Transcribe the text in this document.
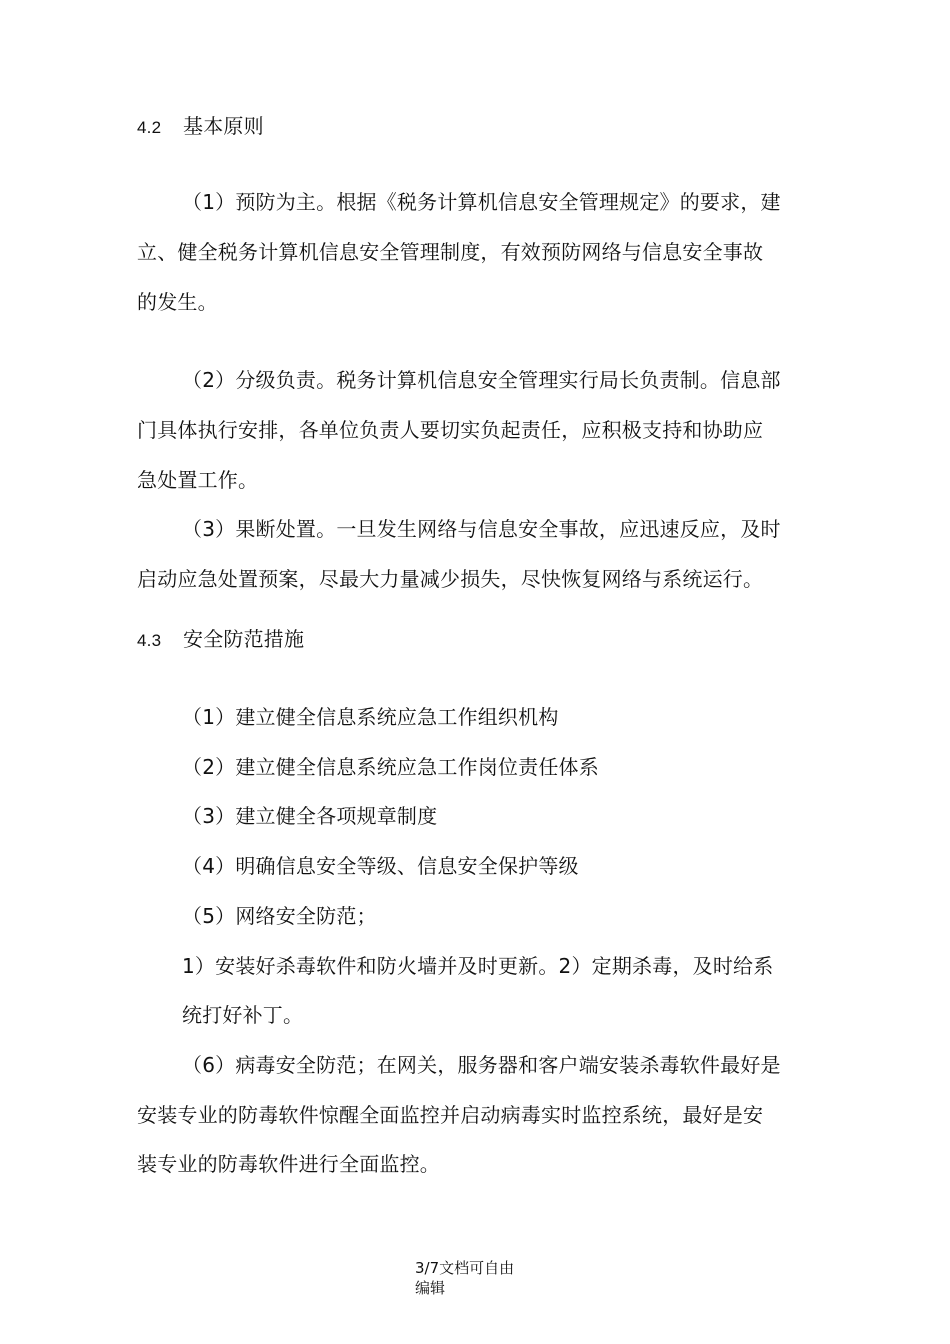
4.2 基本原则
（1）预防为主。根据《税务计算机信息安全管理规定》的要求，建
立、健全税务计算机信息安全管理制度，有效预防网络与信息安全事故
的发生。
（2）分级负责。税务计算机信息安全管理实行局长负责制。信息部
门具体执行安排，各单位负责人要切实负起责任，应积极支持和协助应
急处置工作。
（3）果断处置。一旦发生网络与信息安全事故，应迅速反应，及时
启动应急处置预案，尽最大力量减少损失，尽快恢复网络与系统运行。
4.3 安全防范措施
（1）建立健全信息系统应急工作组织机构
（2）建立健全信息系统应急工作岗位责任体系
（3）建立健全各项规章制度
（4）明确信息安全等级、信息安全保护等级
（5）网络安全防范；
1）安装好杀毒软件和防火墙并及时更新。2）定期杀毒，及时给系
统打好补丁。
（6）病毒安全防范；在网关，服务器和客户端安装杀毒软件最好是
安装专业的防毒软件惊醒全面监控并启动病毒实时监控系统，最好是安
装专业的防毒软件进行全面监控。
3/7文档可自由
编辑
